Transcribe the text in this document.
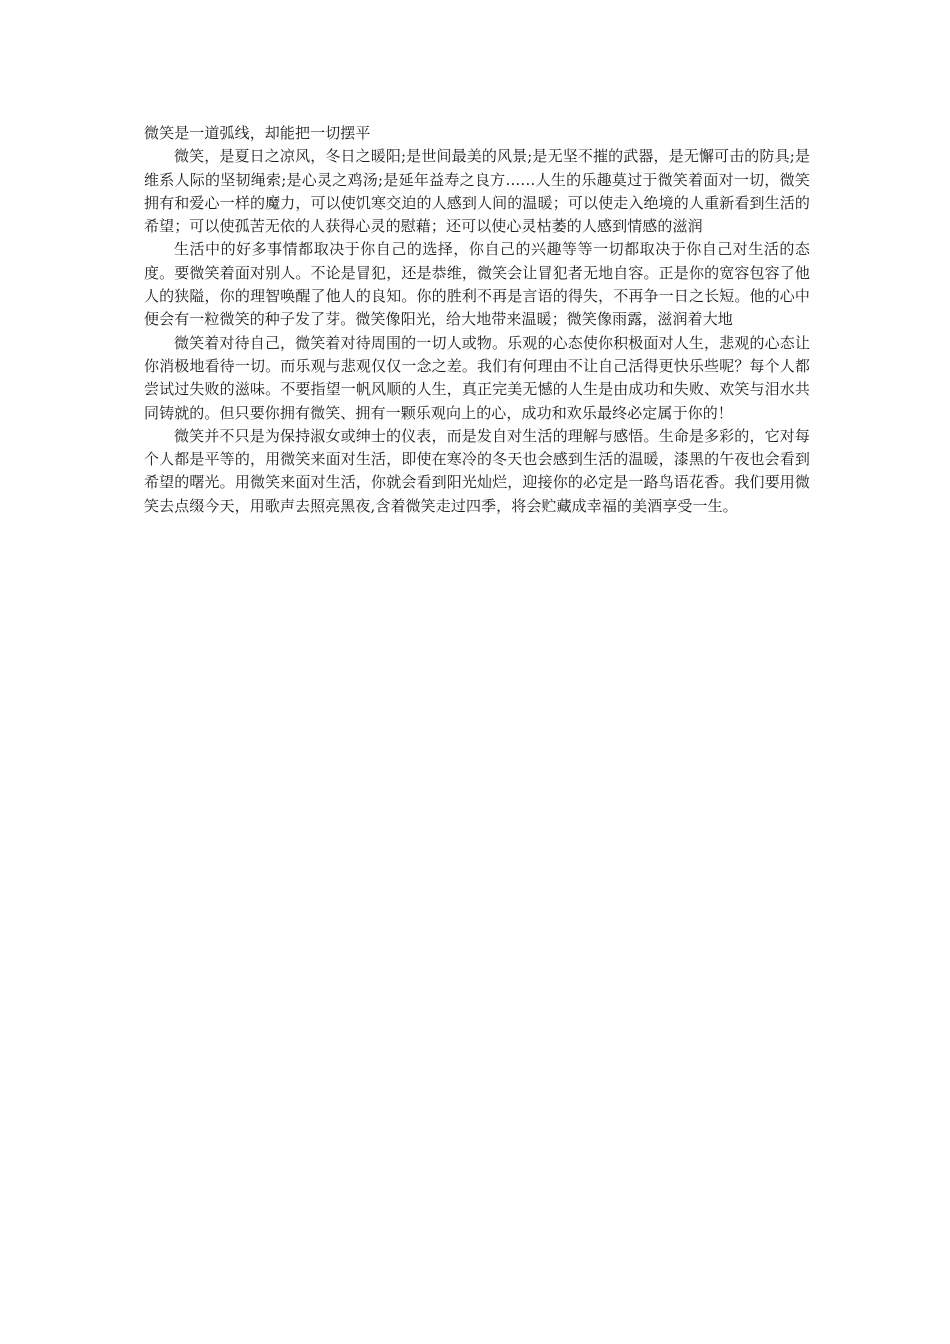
微笑是一道弧线，却能把一切摆平

微笑，是夏日之凉风，冬日之暖阳;是世间最美的风景;是无坚不摧的武器，是无懈可击的防具;是维系人际的坚韧绳索;是心灵之鸡汤;是延年益寿之良方……人生的乐趣莫过于微笑着面对一切，微笑拥有和爱心一样的魔力，可以使饥寒交迫的人感到人间的温暖；可以使走入绝境的人重新看到生活的希望；可以使孤苦无依的人获得心灵的慰藉；还可以使心灵枯萎的人感到情感的滋润

生活中的好多事情都取决于你自己的选择，你自己的兴趣等等一切都取决于你自己对生活的态度。要微笑着面对别人。不论是冒犯，还是恭维，微笑会让冒犯者无地自容。正是你的宽容包容了他人的狭隘，你的理智唤醒了他人的良知。你的胜利不再是言语的得失，不再争一日之长短。他的心中便会有一粒微笑的种子发了芽。微笑像阳光，给大地带来温暖；微笑像雨露，滋润着大地

微笑着对待自己，微笑着对待周围的一切人或物。乐观的心态使你积极面对人生，悲观的心态让你消极地看待一切。而乐观与悲观仅仅一念之差。我们有何理由不让自己活得更快乐些呢？每个人都尝试过失败的滋味。不要指望一帆风顺的人生，真正完美无憾的人生是由成功和失败、欢笑与泪水共同铸就的。但只要你拥有微笑、拥有一颗乐观向上的心，成功和欢乐最终必定属于你的！

微笑并不只是为保持淑女或绅士的仪表，而是发自对生活的理解与感悟。生命是多彩的，它对每个人都是平等的，用微笑来面对生活，即使在寒冷的冬天也会感到生活的温暖，漆黑的午夜也会看到希望的曙光。用微笑来面对生活，你就会看到阳光灿烂，迎接你的必定是一路鸟语花香。我们要用微笑去点缀今天，用歌声去照亮黑夜,含着微笑走过四季，将会贮藏成幸福的美酒享受一生。
